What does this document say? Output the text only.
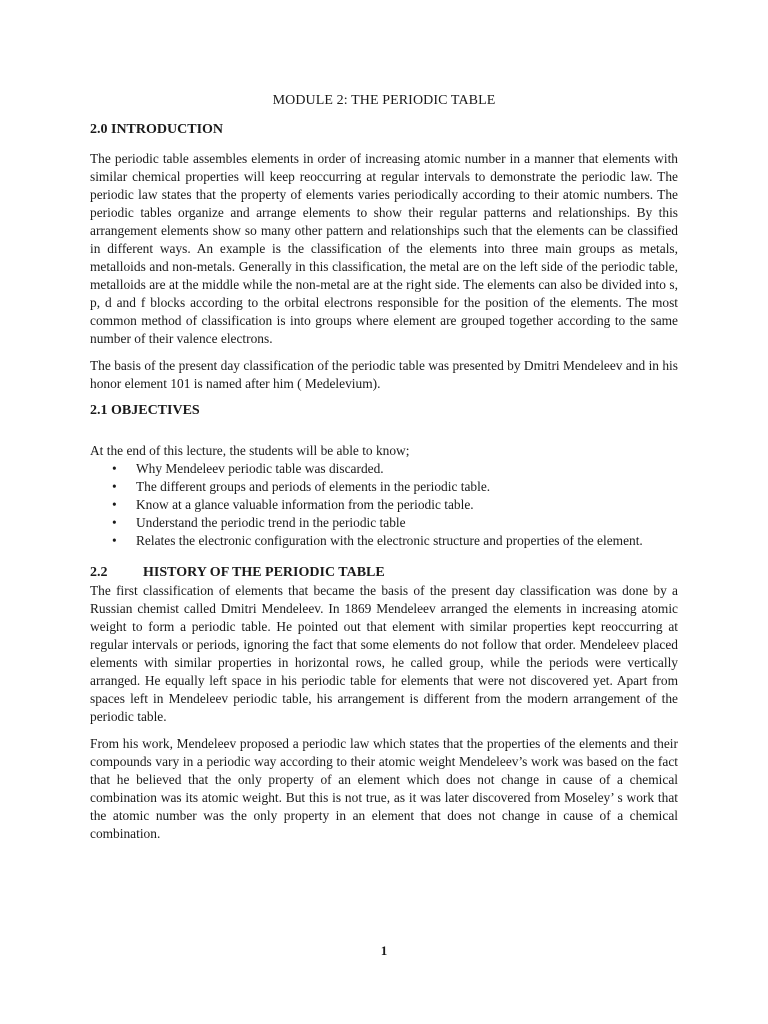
MODULE 2: THE PERIODIC TABLE
2.0 INTRODUCTION

The periodic table assembles elements in order of increasing atomic number in a manner that elements with similar chemical properties will keep reoccurring at regular intervals to demonstrate the periodic law. The periodic law states that the property of elements varies periodically according to their atomic numbers. The periodic tables organize and arrange elements to show their regular patterns and relationships. By this arrangement elements show so many other pattern and relationships such that the elements can be classified in different ways. An example is the classification of the elements into three main groups as metals, metalloids and non-metals. Generally in this classification, the metal are on the left side of the periodic table, metalloids are at the middle while the non-metal are at the right side. The elements can also be divided into s, p, d and f blocks according to the orbital electrons responsible for the position of the elements. The most common method of classification is into groups where element are grouped together according to the same number of their valence electrons.

The basis of the present day classification of the periodic table was presented by Dmitri Mendeleev and in his honor element 101 is named after him ( Medelevium).

2.1 OBJECTIVES
At the end of this lecture, the students will be able to know;
• Why Mendeleev periodic table was discarded.
• The different groups and periods of elements in the periodic table.
• Know at a glance valuable information from the periodic table.
• Understand the periodic trend in the periodic table
• Relates the electronic configuration with the electronic structure and properties of the element.
2.2	HISTORY OF THE PERIODIC TABLE

The first classification of elements that became the basis of the present day classification was done by a Russian chemist called Dmitri Mendeleev. In 1869 Mendeleev arranged the elements in increasing atomic weight to form a periodic table. He pointed out that element with similar properties kept reoccurring at regular intervals or periods, ignoring the fact that some elements do not follow that order. Mendeleev placed elements with similar properties in horizontal rows, he called group, while the periods were vertically arranged. He equally left space in his periodic table for elements that were not discovered yet. Apart from spaces left in Mendeleev periodic table, his arrangement is different from the modern arrangement of the periodic table.

From his work, Mendeleev proposed a periodic law which states that the properties of the elements and their compounds vary in a periodic way according to their atomic weight Mendeleev’s work was based on the fact that he believed that the only property of an element which does not change in cause of a chemical combination was its atomic weight. But this is not true, as it was later discovered from Moseley’ s work that the atomic number was the only property in an element that does not change in cause of a chemical combination.

1
